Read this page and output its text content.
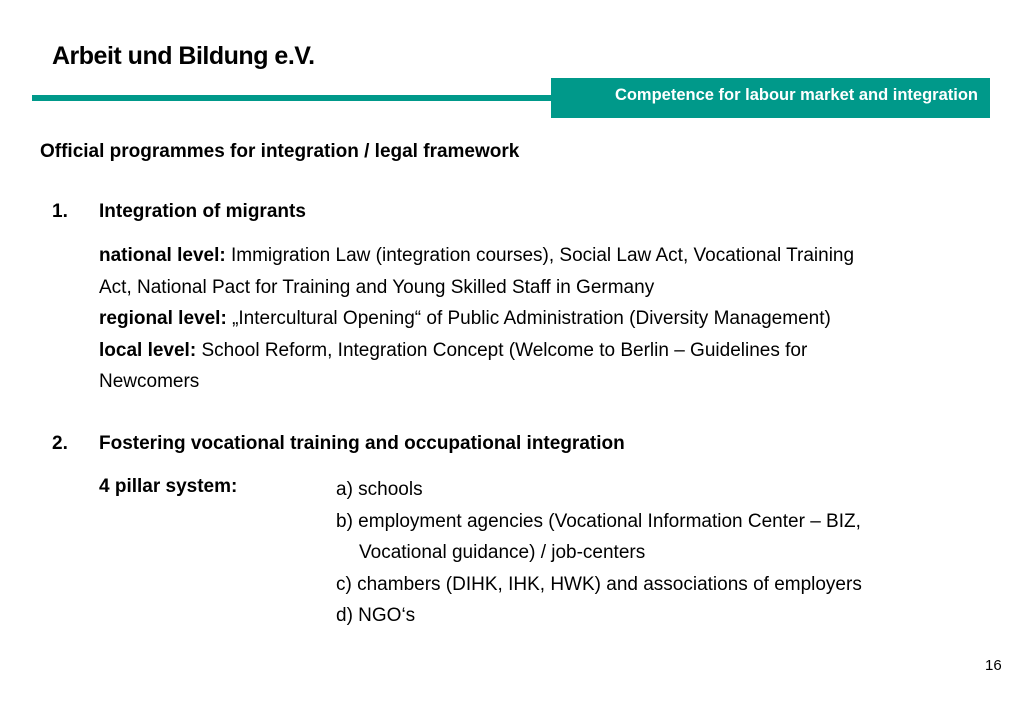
Arbeit und Bildung e.V.
Competence for labour market and integration
Official programmes for integration / legal framework
1. Integration of migrants
national level: Immigration Law (integration courses), Social Law Act, Vocational Training
Act, National Pact for Training and Young Skilled Staff in Germany
regional level: „Intercultural Opening“ of Public Administration (Diversity Management)
local level: School Reform, Integration Concept (Welcome to Berlin – Guidelines for
Newcomers
2. Fostering vocational training and occupational integration
4 pillar system:	a) schools
b) employment agencies (Vocational Information Center – BIZ,
Vocational guidance) / job-centers
c) chambers (DIHK, IHK, HWK) and associations of employers
d) NGO‘s
16
